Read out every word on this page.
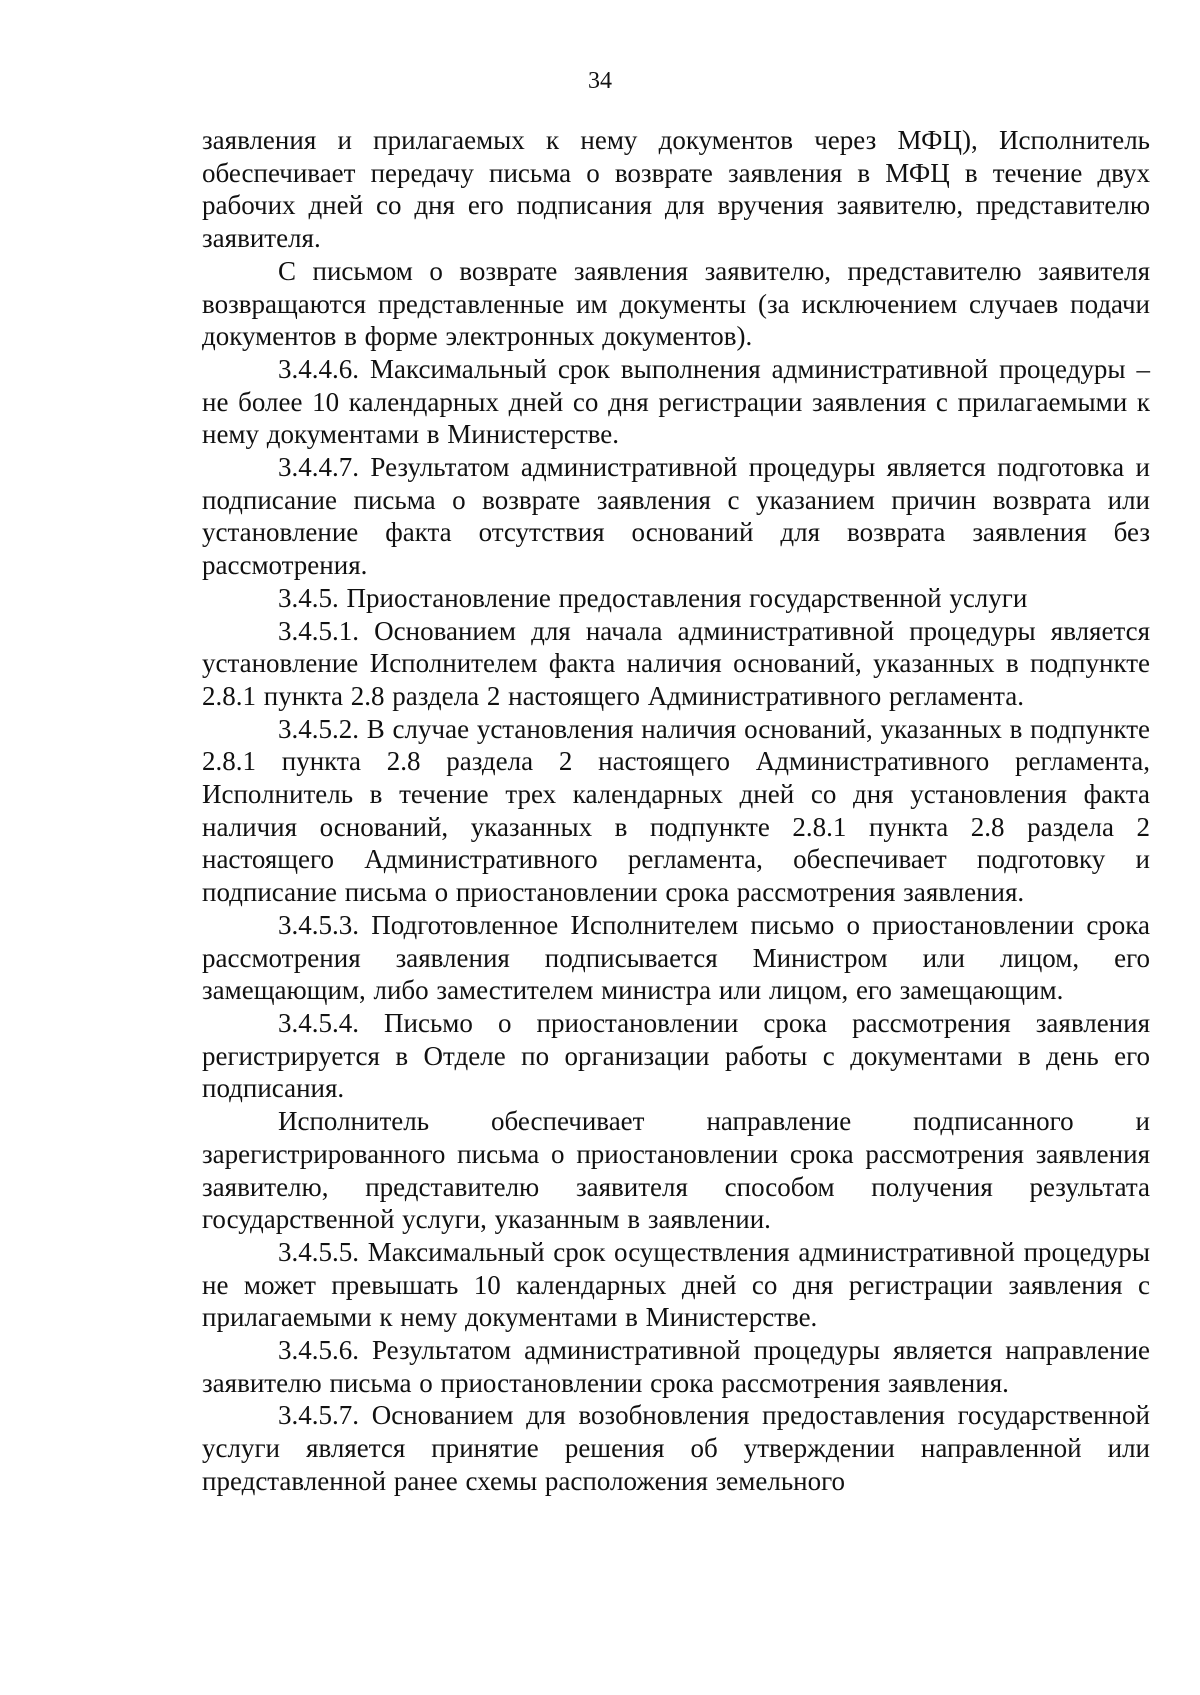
34

заявления и прилагаемых к нему документов через МФЦ), Исполнитель обеспечивает передачу письма о возврате заявления в МФЦ в течение двух рабочих дней со дня его подписания для вручения заявителю, представителю заявителя.

С письмом о возврате заявления заявителю, представителю заявителя возвращаются представленные им документы (за исключением случаев подачи документов в форме электронных документов).

3.4.4.6. Максимальный срок выполнения административной процедуры – не более 10 календарных дней со дня регистрации заявления с прилагаемыми к нему документами в Министерстве.

3.4.4.7. Результатом административной процедуры является подготовка и подписание письма о возврате заявления с указанием причин возврата или установление факта отсутствия оснований для возврата заявления без рассмотрения.

3.4.5. Приостановление предоставления государственной услуги

3.4.5.1. Основанием для начала административной процедуры является установление Исполнителем факта наличия оснований, указанных в подпункте 2.8.1 пункта 2.8 раздела 2 настоящего Административного регламента.

3.4.5.2. В случае установления наличия оснований, указанных в подпункте 2.8.1 пункта 2.8 раздела 2 настоящего Административного регламента, Исполнитель в течение трех календарных дней со дня установления факта наличия оснований, указанных в подпункте 2.8.1 пункта 2.8 раздела 2 настоящего Административного регламента, обеспечивает подготовку и подписание письма о приостановлении срока рассмотрения заявления.

3.4.5.3. Подготовленное Исполнителем письмо о приостановлении срока рассмотрения заявления подписывается Министром или лицом, его замещающим, либо заместителем министра или лицом, его замещающим.

3.4.5.4. Письмо о приостановлении срока рассмотрения заявления регистрируется в Отделе по организации работы с документами в день его подписания.

Исполнитель обеспечивает направление подписанного и зарегистрированного письма о приостановлении срока рассмотрения заявления заявителю, представителю заявителя способом получения результата государственной услуги, указанным в заявлении.

3.4.5.5. Максимальный срок осуществления административной процедуры не может превышать 10 календарных дней со дня регистрации заявления с прилагаемыми к нему документами в Министерстве.

3.4.5.6. Результатом административной процедуры является направление заявителю письма о приостановлении срока рассмотрения заявления.

3.4.5.7. Основанием для возобновления предоставления государственной услуги является принятие решения об утверждении направленной или представленной ранее схемы расположения земельного
